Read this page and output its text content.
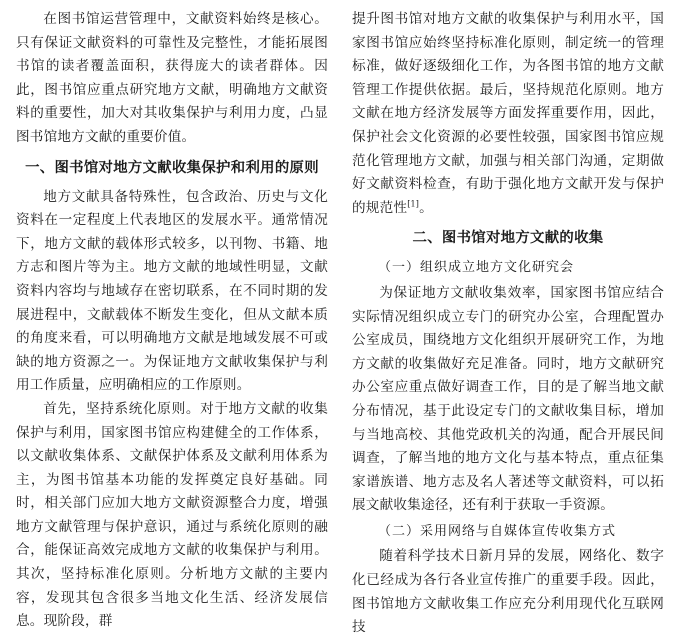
在图书馆运营管理中，文献资料始终是核心。只有保证文献资料的可靠性及完整性，才能拓展图书馆的读者覆盖面积，获得庞大的读者群体。因此，图书馆应重点研究地方文献，明确地方文献资料的重要性，加大对其收集保护与利用力度，凸显图书馆地方文献的重要价值。

一、图书馆对地方文献收集保护和利用的原则

地方文献具备特殊性，包含政治、历史与文化资料在一定程度上代表地区的发展水平。通常情况下，地方文献的载体形式较多，以刊物、书籍、地方志和图片等为主。地方文献的地域性明显，文献资料内容均与地域存在密切联系，在不同时期的发展进程中，文献载体不断发生变化，但从文献本质的角度来看，可以明确地方文献是地域发展不可或缺的地方资源之一。为保证地方文献收集保护与利用工作质量，应明确相应的工作原则。

首先，坚持系统化原则。对于地方文献的收集保护与利用，国家图书馆应构建健全的工作体系，以文献收集体系、文献保护体系及文献利用体系为主，为图书馆基本功能的发挥奠定良好基础。同时，相关部门应加大地方文献资源整合力度，增强地方文献管理与保护意识，通过与系统化原则的融合，能保证高效完成地方文献的收集保护与利用。其次，坚持标准化原则。分析地方文献的主要内容，发现其包含很多当地文化生活、经济发展信息。现阶段，群

提升图书馆对地方文献的收集保护与利用水平，国家图书馆应始终坚持标准化原则，制定统一的管理标准，做好逐级细化工作，为各图书馆的地方文献管理工作提供依据。最后，坚持规范化原则。地方文献在地方经济发展等方面发挥重要作用，因此，保护社会文化资源的必要性较强，国家图书馆应规范化管理地方文献，加强与相关部门沟通，定期做好文献资料检查，有助于强化地方文献开发与保护的规范性[1]。

二、图书馆对地方文献的收集
（一）组织成立地方文化研究会

为保证地方文献收集效率，国家图书馆应结合实际情况组织成立专门的研究办公室，合理配置办公室成员，围绕地方文化组织开展研究工作，为地方文献的收集做好充足准备。同时，地方文献研究办公室应重点做好调查工作，目的是了解当地文献分布情况，基于此设定专门的文献收集目标，增加与当地高校、其他党政机关的沟通，配合开展民间调查，了解当地的地方文化与基本特点，重点征集家谱族谱、地方志及名人著述等文献资料，可以拓展文献收集途径，还有利于获取一手资源。

（二）采用网络与自媒体宣传收集方式

随着科学技术日新月异的发展，网络化、数字化已经成为各行各业宣传推广的重要手段。因此，图书馆地方文献收集工作应充分利用现代化互联网技
